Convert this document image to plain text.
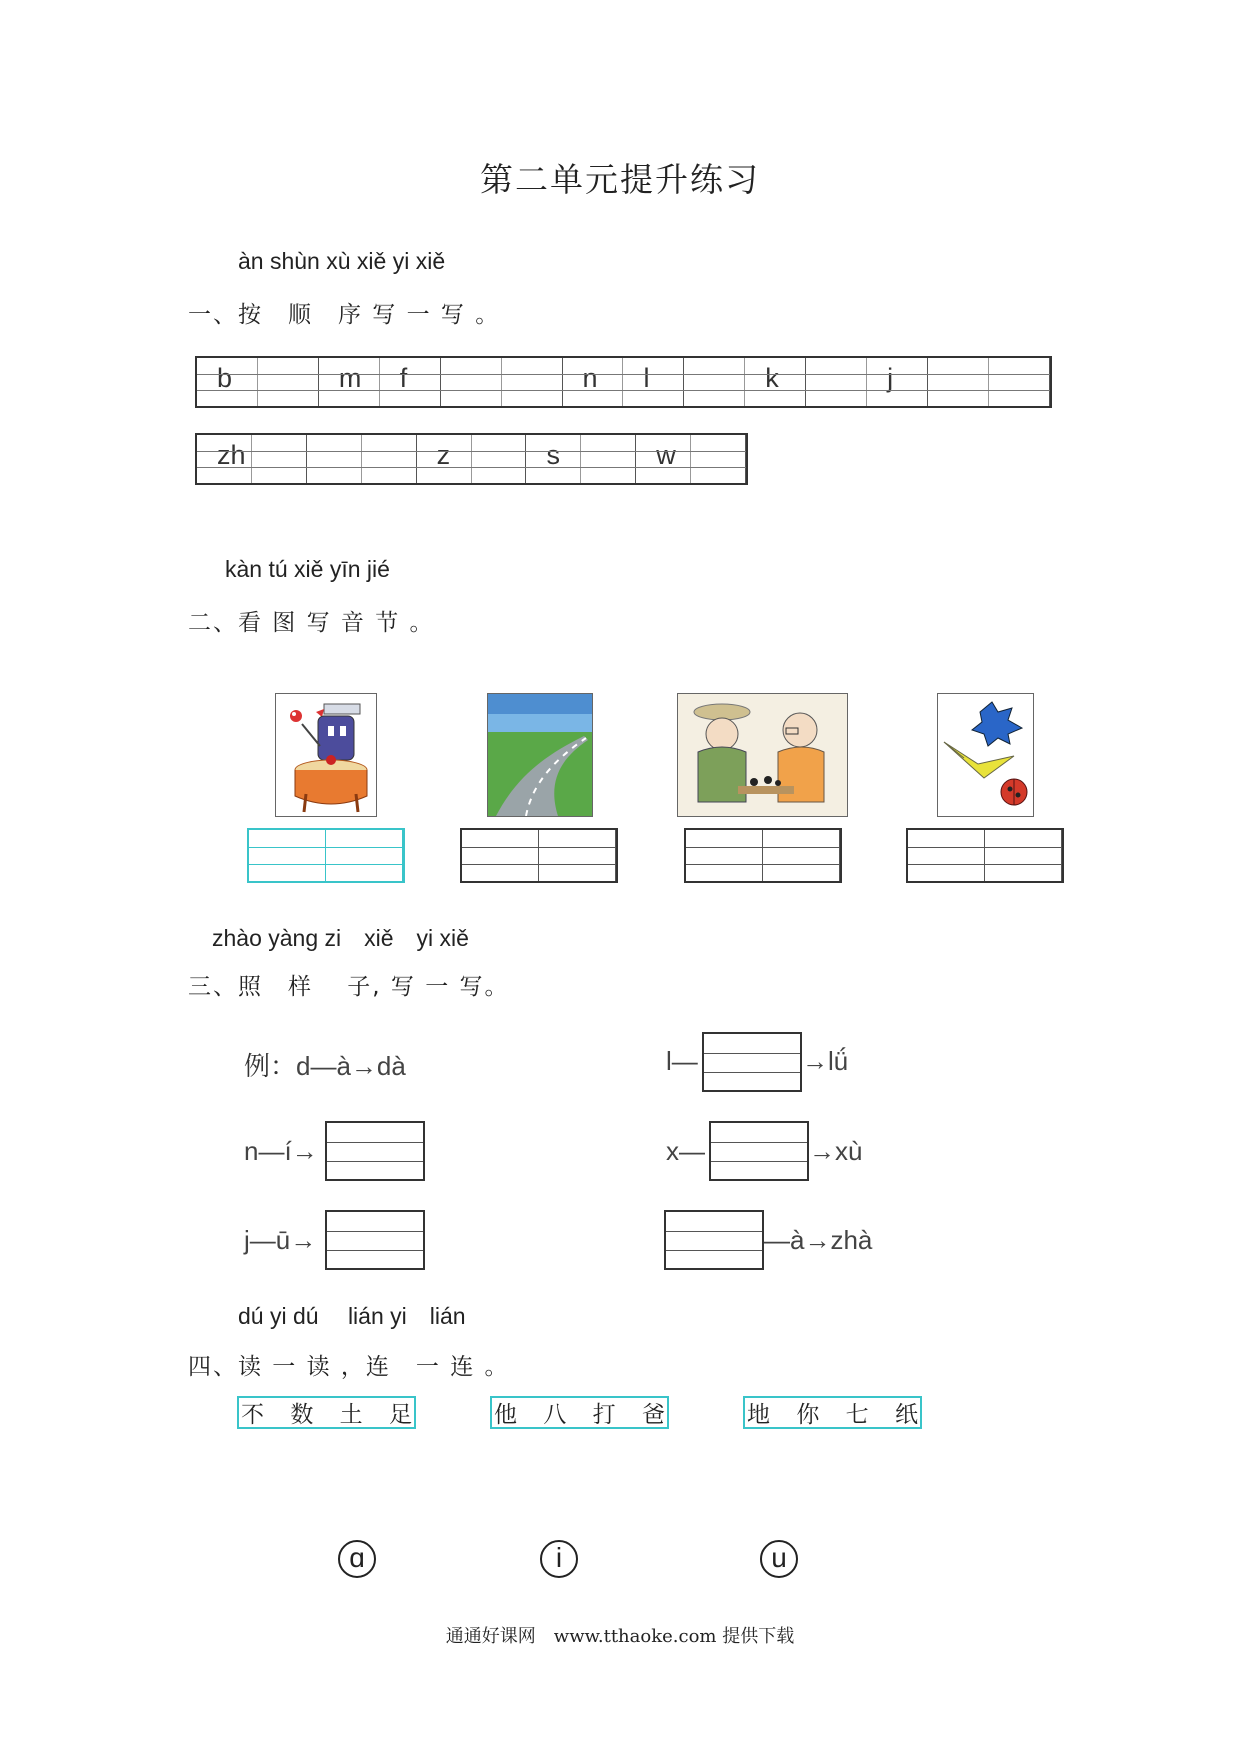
第二单元提升练习
àn shùn xù xiě yi xiě
一、按　顺　序 写 一 写 。
b	m f	n l	k	j
zh	z	s	w
kàn tú xiě yīn jié
二、看 图 写 音 节 。
zhào yàng zi　xiě　yi xiě
三、照　样　 子, 写 一 写。
例：d—à→dà	l—	→lǘ
n—í→	x—	→xù
j—ū→	—à→zhà
dú yi dú　 lián yi　lián
四、读 一 读 ，连　一 连 。
不 数 土 足	他 八 打 爸	地 你 七 纸
ɑ	i	u
通通好课网　www.tthaoke.com 提供下载
